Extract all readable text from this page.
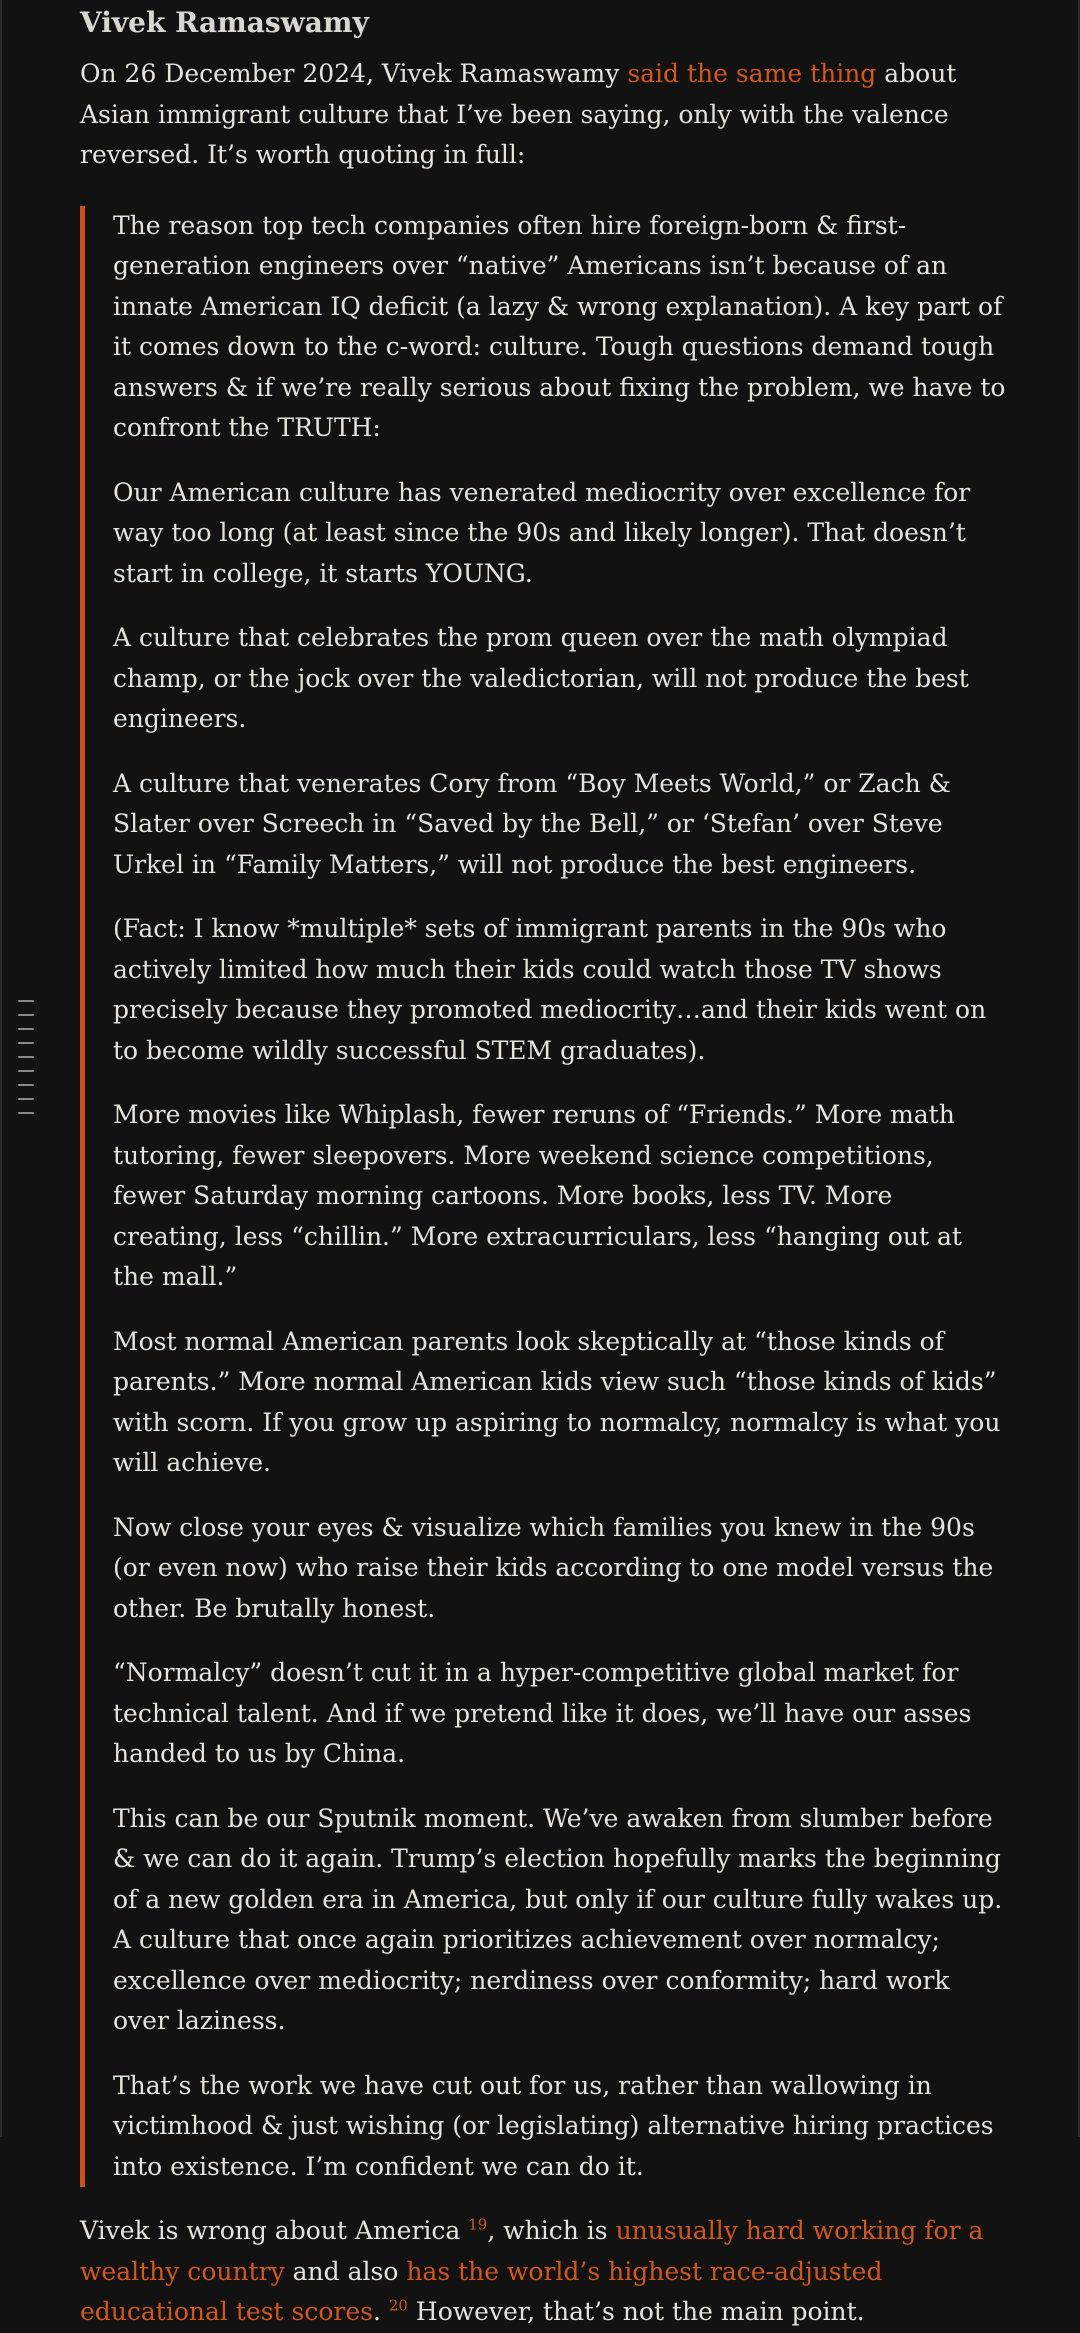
Vivek Ramaswamy

On 26 December 2024, Vivek Ramaswamy said the same thing about Asian immigrant culture that I’ve been saying, only with the valence reversed. It’s worth quoting in full:

The reason top tech companies often hire foreign-born & first-generation engineers over “native” Americans isn’t because of an innate American IQ deficit (a lazy & wrong explanation). A key part of it comes down to the c-word: culture. Tough questions demand tough answers & if we’re really serious about fixing the problem, we have to confront the TRUTH:

Our American culture has venerated mediocrity over excellence for way too long (at least since the 90s and likely longer). That doesn’t start in college, it starts YOUNG.

A culture that celebrates the prom queen over the math olympiad champ, or the jock over the valedictorian, will not produce the best engineers.

A culture that venerates Cory from “Boy Meets World,” or Zach & Slater over Screech in “Saved by the Bell,” or ‘Stefan’ over Steve Urkel in “Family Matters,” will not produce the best engineers.

(Fact: I know *multiple* sets of immigrant parents in the 90s who actively limited how much their kids could watch those TV shows precisely because they promoted mediocrity…and their kids went on to become wildly successful STEM graduates).

More movies like Whiplash, fewer reruns of “Friends.” More math tutoring, fewer sleepovers. More weekend science competitions, fewer Saturday morning cartoons. More books, less TV. More creating, less “chillin.” More extracurriculars, less “hanging out at the mall.”

Most normal American parents look skeptically at “those kinds of parents.” More normal American kids view such “those kinds of kids” with scorn. If you grow up aspiring to normalcy, normalcy is what you will achieve.

Now close your eyes & visualize which families you knew in the 90s (or even now) who raise their kids according to one model versus the other. Be brutally honest.

“Normalcy” doesn’t cut it in a hyper-competitive global market for technical talent. And if we pretend like it does, we’ll have our asses handed to us by China.

This can be our Sputnik moment. We’ve awaken from slumber before & we can do it again. Trump’s election hopefully marks the beginning of a new golden era in America, but only if our culture fully wakes up. A culture that once again prioritizes achievement over normalcy; excellence over mediocrity; nerdiness over conformity; hard work over laziness.

That’s the work we have cut out for us, rather than wallowing in victimhood & just wishing (or legislating) alternative hiring practices into existence. I’m confident we can do it.

Vivek is wrong about America $^{19}$, which is unusually hard working for a wealthy country and also has the world’s highest race-adjusted educational test scores. $^{20}$ However, that’s not the main point.
